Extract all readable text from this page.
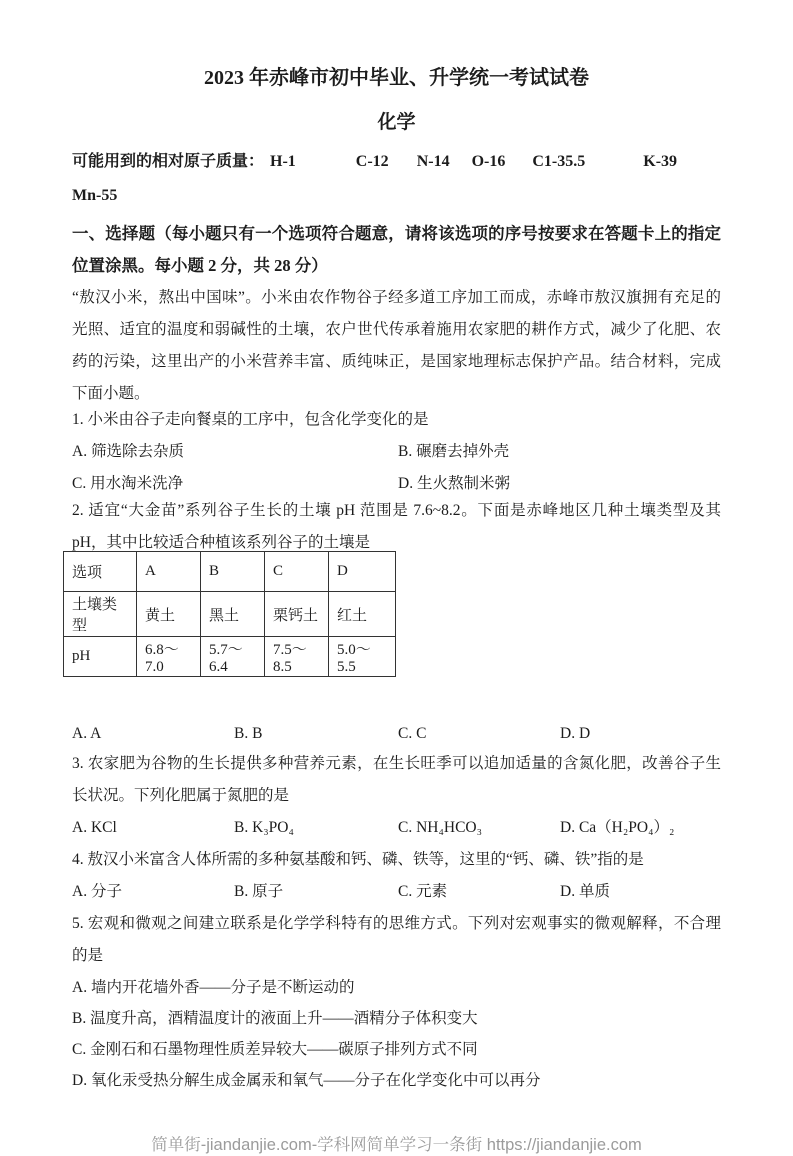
2023 年赤峰市初中毕业、升学统一考试试卷
化学

可能用到的相对原子质量： H-1	C-12 N-14 O-16 C1-35.5	K-39

Mn-55

一、选择题（每小题只有一个选项符合题意，请将该选项的序号按要求在答题卡上的指定位置涂黑。每小题 2 分，共 28 分）

“敖汉小米，熬出中国味”。小米由农作物谷子经多道工序加工而成，赤峰市敖汉旗拥有充足的光照、适宜的温度和弱碱性的土壤，农户世代传承着施用农家肥的耕作方式，减少了化肥、农药的污染，这里出产的小米营养丰富、质纯味正，是国家地理标志保护产品。结合材料，完成下面小题。

1. 小米由谷子走向餐桌的工序中，包含化学变化的是

A. 筛选除去杂质	B. 碾磨去掉外壳
C. 用水淘米洗净	D. 生火熬制米粥

2. 适宜“大金苗”系列谷子生长的土壤 pH 范围是 7.6~8.2。下面是赤峰地区几种土壤类型及其 pH，其中比较适合种植该系列谷子的土壤是

选项	A	B	C	D
土壤类型	黄土	黑土	栗钙土	红土
pH	6.8～7.0	5.7～6.4	7.5～8.5	5.0～5.5
A. A	B. B	C. C	D. D

3. 农家肥为谷物的生长提供多种营养元素，在生长旺季可以追加适量的含氮化肥，改善谷子生长状况。下列化肥属于氮肥的是

A. KCl	B. K₃PO₄	C. NH₄HCO₃	D. Ca（H₂PO₄）₂

4. 敖汉小米富含人体所需的多种氨基酸和钙、磷、铁等，这里的“钙、磷、铁”指的是

A. 分子	B. 原子	C. 元素	D. 单质

5. 宏观和微观之间建立联系是化学学科特有的思维方式。下列对宏观事实的微观解释，不合理的是

A. 墙内开花墙外香——分子是不断运动的

B. 温度升高，酒精温度计的液面上升——酒精分子体积变大

C. 金刚石和石墨物理性质差异较大——碳原子排列方式不同

D. 氧化汞受热分解生成金属汞和氧气——分子在化学变化中可以再分

简单街-jiandanjie.com-学科网简单学习一条街 https://jiandanjie.com
